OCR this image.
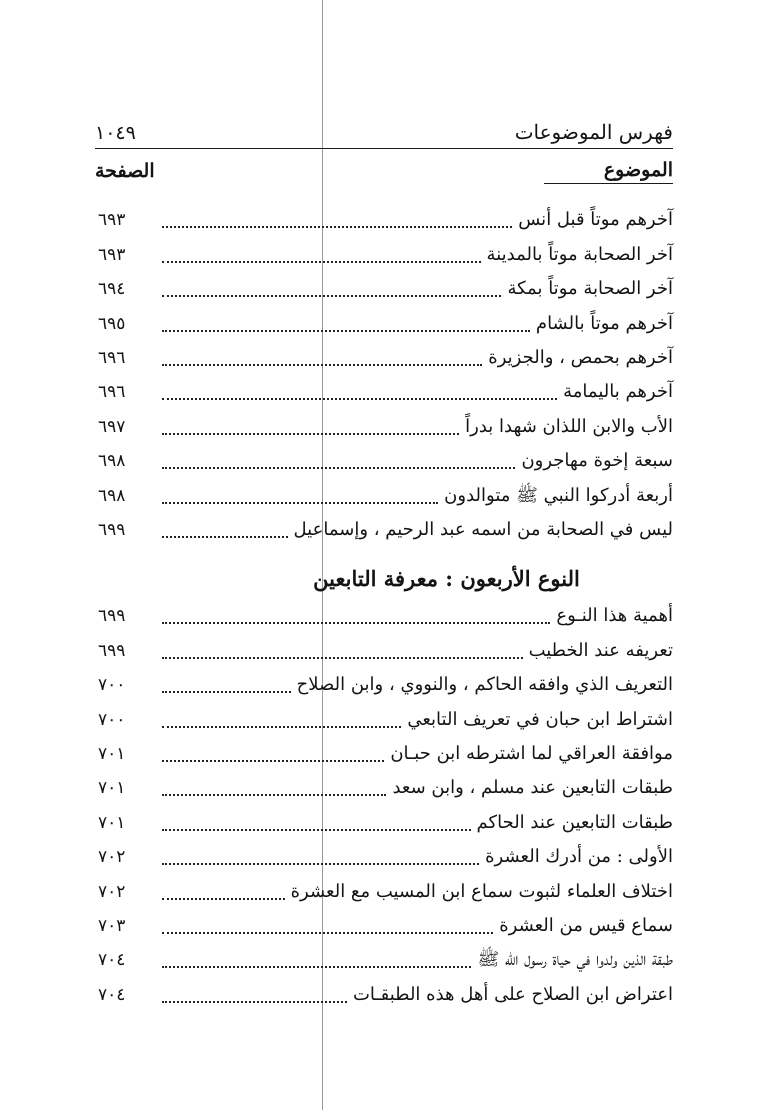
١٠٤٩	فهرس الموضوعات
الصفحة	الموضوع
٦٩٣	آخرهم موتاً قبل أنس
٦٩٣	آخر الصحابة موتاً بالمدينة
٦٩٤	آخر الصحابة موتاً بمكة
٦٩٥	آخرهم موتاً بالشام
٦٩٦	آخرهم بحمص ، والجزيرة
٦٩٦	آخرهم باليمامة
٦٩٧	الأب والابن اللذان شهدا بدراً
٦٩٨	سبعة إخوة مهاجرون
٦٩٨	أربعة أدركوا النبي ﷺ متوالدون
٦٩٩	ليس في الصحابة من اسمه عبد الرحيم ، وإسماعيل
النوع الأربعون : معرفة التابعين
٦٩٩	أهمية هذا النـوع
٦٩٩	تعريفه عند الخطيب
٧٠٠	التعريف الذي وافقه الحاكم ، والنووي ، وابن الصلاح
٧٠٠	اشتراط ابن حبان في تعريف التابعي
٧٠١	موافقة العراقي لما اشترطه ابن حبـان
٧٠١	طبقات التابعين عند مسلم ، وابن سعد
٧٠١	طبقات التابعين عند الحاكم
٧٠٢	الأولى : من أدرك العشرة
٧٠٢	اختلاف العلماء لثبوت سماع ابن المسيب مع العشرة
٧٠٣	سماع قيس من العشرة
٧٠٤	طبقة الذين ولدوا في حياة رسول الله ﷺ
٧٠٤	اعتراض ابن الصلاح على أهل هذه الطبقـات
